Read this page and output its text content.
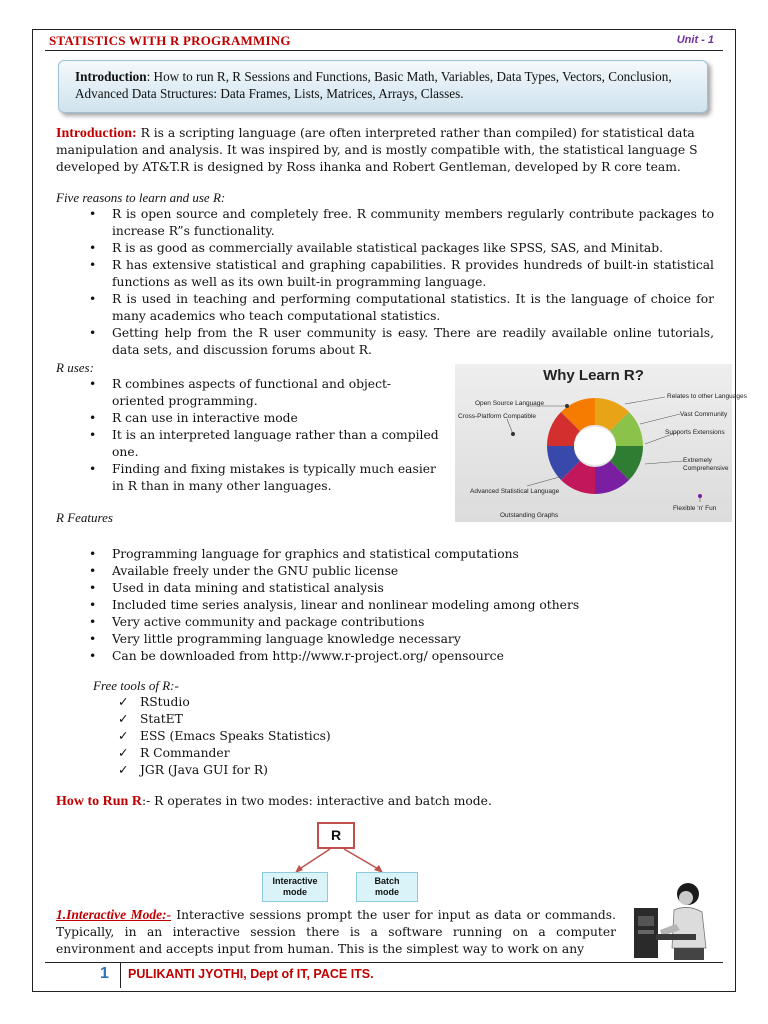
STATISTICS WITH R PROGRAMMING	Unit - 1
Introduction: How to run R, R Sessions and Functions, Basic Math, Variables, Data Types, Vectors, Conclusion, Advanced Data Structures: Data Frames, Lists, Matrices, Arrays, Classes.

Introduction: R is a scripting language (are often interpreted rather than compiled) for statistical data manipulation and analysis. It was inspired by, and is mostly compatible with, the statistical language S developed by AT&T.R is designed by Ross ihanka and Robert Gentleman, developed by R core team.

Five reasons to learn and use R:
• R is open source and completely free. R community members regularly contribute packages to increase R”s functionality.
• R is as good as commercially available statistical packages like SPSS, SAS, and Minitab.
• R has extensive statistical and graphing capabilities. R provides hundreds of built-in statistical functions as well as its own built-in programming language.
• R is used in teaching and performing computational statistics. It is the language of choice for many academics who teach computational statistics.
• Getting help from the R user community is easy. There are readily available online tutorials, data sets, and discussion forums about R.
R uses:
• R combines aspects of functional and object-oriented programming.
• R can use in interactive mode
• It is an interpreted language rather than a compiled one.
• Finding and fixing mistakes is typically much easier in R than in many other languages.
R Features
• Programming language for graphics and statistical computations
• Available freely under the GNU public license
• Used in data mining and statistical analysis
• Included time series analysis, linear and nonlinear modeling among others
• Very active community and package contributions
• Very little programming language knowledge necessary
• Can be downloaded from http://www.r-project.org/ opensource
Free tools of R:-
✓ RStudio
✓ StatET
✓ ESS (Emacs Speaks Statistics)
✓ R Commander
✓ JGR (Java GUI for R)

How to Run R:- R operates in two modes: interactive and batch mode.

Why Learn R?
Open Source Language
Relates to other Languages
Cross-Platform Compatible	Vast Community
Supports Extensions
Extremely
Comprehensive
Advanced Statistical Language
Flexible 'n' Fun
Outstanding Graphs
R
Interactive
mode
Batch
mode

1.Interactive Mode:- Interactive sessions prompt the user for input as data or commands. Typically, in an interactive session there is a software running on a computer environment and accepts input from human. This is the simplest way to work on any

1 PULIKANTI JYOTHI, Dept of IT, PACE ITS.
